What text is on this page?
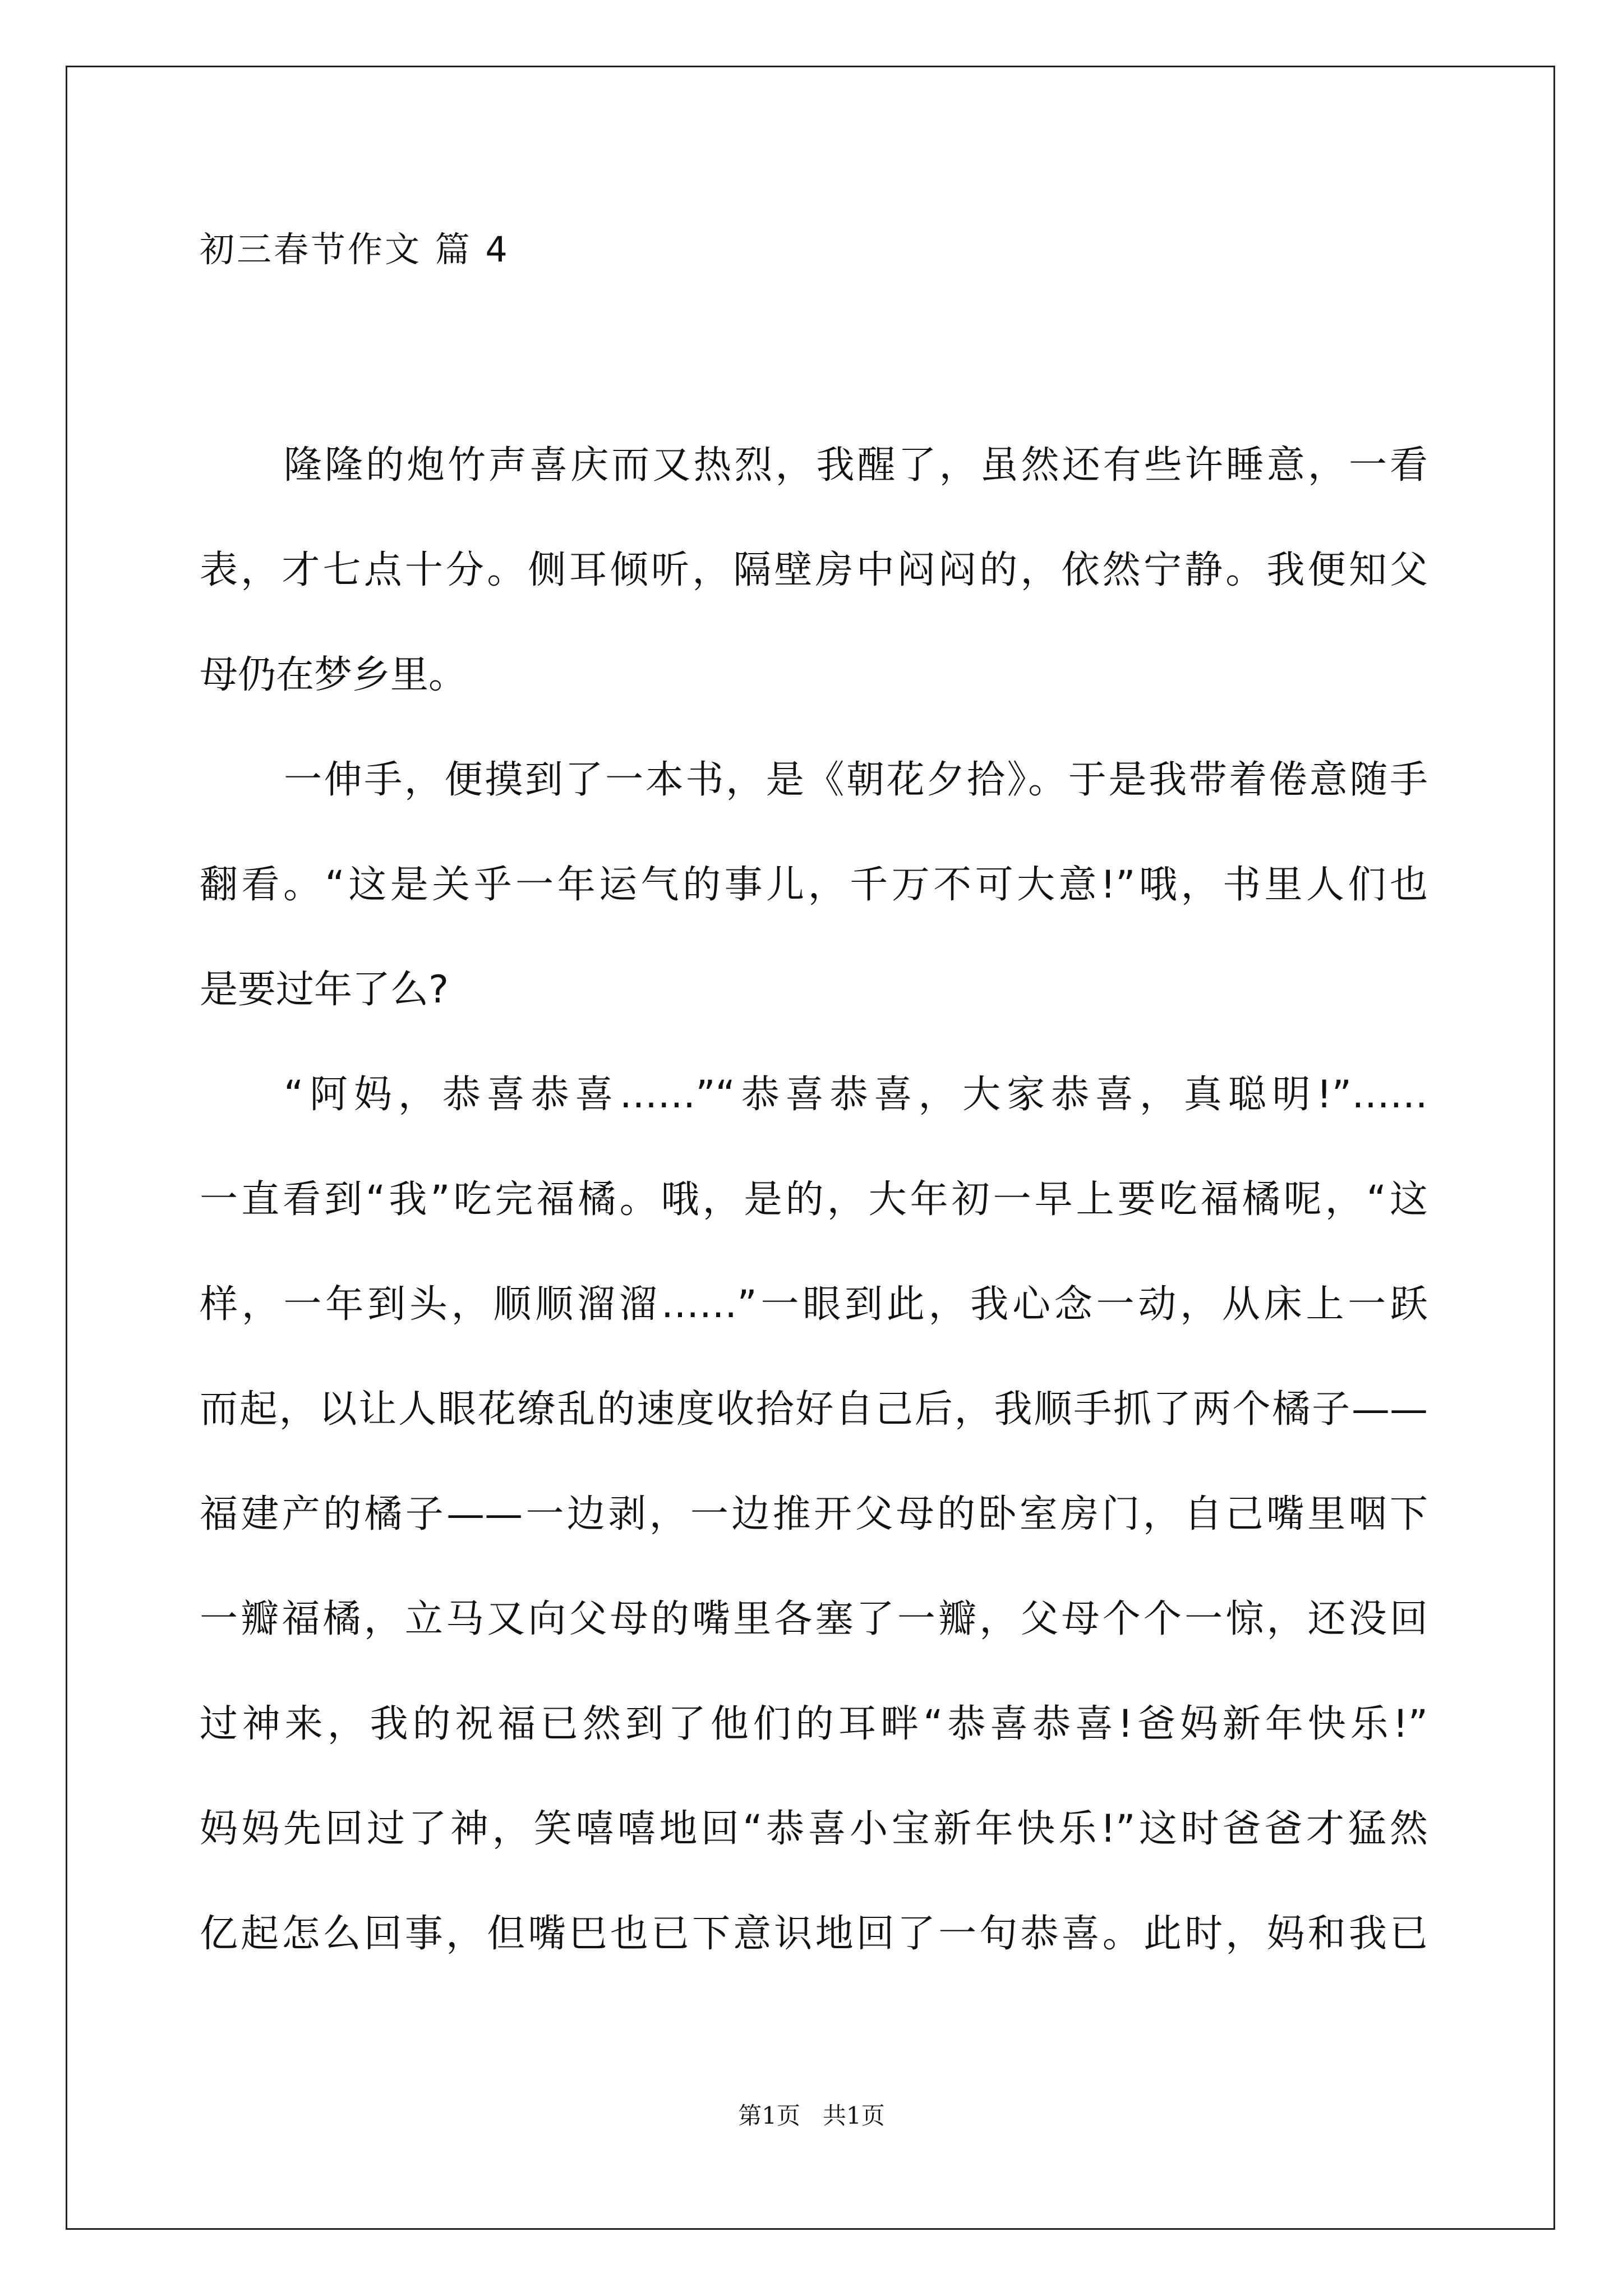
初三春节作文 篇 4
隆隆的炮竹声喜庆而又热烈，我醒了，虽然还有些许睡意，一看
表，才七点十分。侧耳倾听，隔壁房中闷闷的，依然宁静。我便知父
母仍在梦乡里。
一伸手，便摸到了一本书，是《朝花夕拾》。于是我带着倦意随手
翻看。“这是关乎一年运气的事儿，千万不可大意!”哦，书里人们也
是要过年了么?
“阿妈，恭喜恭喜……”“恭喜恭喜，大家恭喜，真聪明!”……
一直看到“我”吃完福橘。哦，是的，大年初一早上要吃福橘呢，“这
样，一年到头，顺顺溜溜……”一眼到此，我心念一动，从床上一跃
而起，以让人眼花缭乱的速度收拾好自己后，我顺手抓了两个橘子——
福建产的橘子——一边剥，一边推开父母的卧室房门，自己嘴里咽下
一瓣福橘，立马又向父母的嘴里各塞了一瓣，父母个个一惊，还没回
过神来，我的祝福已然到了他们的耳畔“恭喜恭喜!爸妈新年快乐!”
妈妈先回过了神，笑嘻嘻地回“恭喜小宝新年快乐!”这时爸爸才猛然
亿起怎么回事，但嘴巴也已下意识地回了一句恭喜。此时，妈和我已
第1页   共1页
